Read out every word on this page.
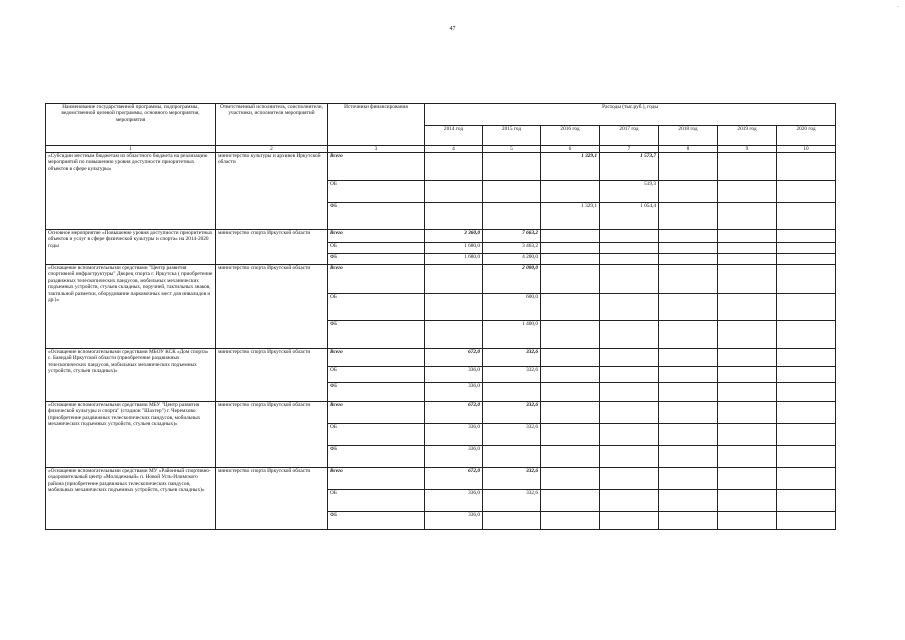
..
47
Наименование государственной программы, подпрограммы, ведомственной целевой программы, основного мероприятия, мероприятия	Ответственный исполнитель, соисполнители, участники, исполнители мероприятий	Источники финансирования	Расходы (тыс.руб.), годы						
			2014 год	2015 год	2016 год	2017 год	2018 год	2019 год	2020 год
1	2	3	4	5	6	7	8	9	10
«Субсидии местным бюджетам из областного бюджета на реализацию мероприятий по повышению уровня доступности приоритетных объектов в сфере культуры»	министерство культуры и архивов Иркутской области	Всего			1 329,1	1 573,7			
		ОБ				519,3			
		ФБ			1 329,1	1 054,4			
Основное мероприятие «Повышение уровня доступности приоритетных объектов и услуг в сфере физической культуры и спорта» на 2014-2020 годы	министерство спорта Иркутской области	Всего	3 360,0	7 663,2					
		ОБ	1 680,0	3 463,2					
		ФБ	1 680,0	4 200,0					
«Оснащение вспомогательными средствами "Центр развития спортивной инфраструктуры" Дворец спорта г. Иркутска ( приобретение раздвижных телескопических пандусов, мобильных механических подъемных устройств, стульев складных, поручней, тактильных знаков, тактильной разметки, оборудование парковочных мест для инвалидов и др.)»	министерство спорта Иркутской области	Всего		2 000,0					
		ОБ		600,0					
		ФБ		1 400,0					
«Оснащение вспомогательными средствами МБОУ КСК «Дом спорта» с. Баяндай Иркутской области (приобретение раздвижных телескопических пандусов, мобильных механических подъемных устройств, стульев складных)»	министерство спорта Иркутской области	Всего	672,0	332,6					
		ОБ	336,0	332,6					
		ФБ	336,0						
«Оснащение вспомогательными средствами МБУ "Центр развития физической культуры и спорта" (стадион "Шахтер") г. Черемхово (приобретение раздвижных телескопических пандусов, мобильных механических подъемных устройств, стульев складных)»	министерство спорта Иркутской области	Всего	672,0	332,6					
		ОБ	336,0	332,6					
		ФБ	336,0						
«Оснащение вспомогательными средствами МУ «Районный спортивно-оздоровительный центр «Молодежный» п. Новой Усть-Илимского района (приобретение раздвижных телескопических пандусов, мобильных механических подъемных устройств, стульев складных)»	министерство спорта Иркутской области	Всего	672,0	332,6					
		ОБ	336,0	332,6					
		ФБ	336,0						
